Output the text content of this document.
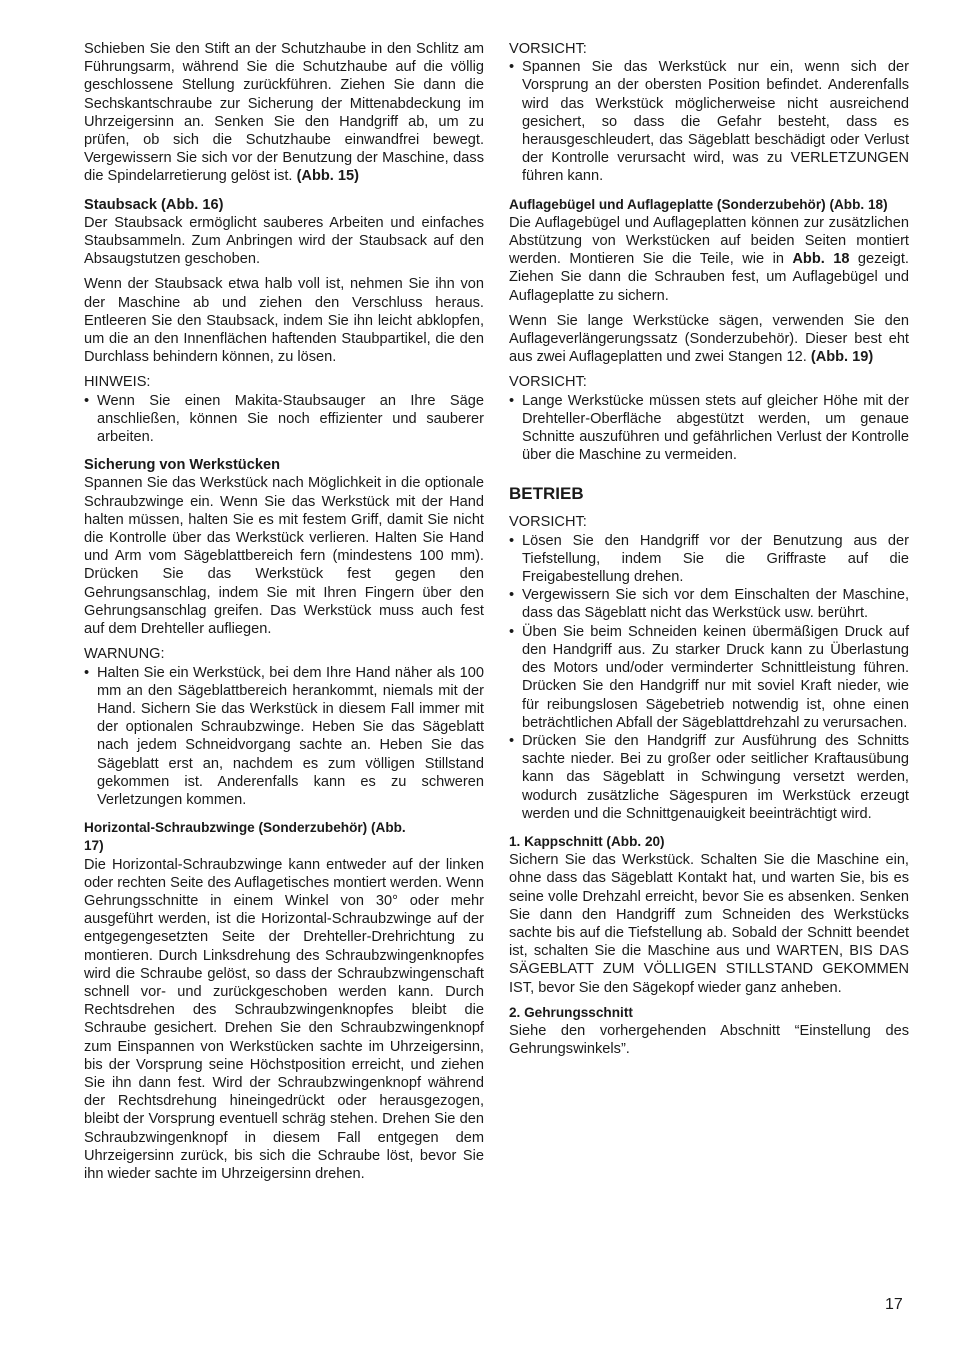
Schieben Sie den Stift an der Schutzhaube in den Schlitz am Führungsarm, während Sie die Schutzhaube auf die völlig geschlossene Stellung zurückführen. Ziehen Sie dann die Sechskantschraube zur Sicherung der Mittenabdeckung im Uhrzeigersinn an. Senken Sie den Handgriff ab, um zu prüfen, ob sich die Schutzhaube einwandfrei bewegt. Vergewissern Sie sich vor der Benutzung der Maschine, dass die Spindelarretierung gelöst ist. (Abb. 15)

Staubsack (Abb. 16)

Der Staubsack ermöglicht sauberes Arbeiten und einfaches Staubsammeln. Zum Anbringen wird der Staubsack auf den Absaugstutzen geschoben.

Wenn der Staubsack etwa halb voll ist, nehmen Sie ihn von der Maschine ab und ziehen den Verschluss heraus. Entleeren Sie den Staubsack, indem Sie ihn leicht abklopfen, um die an den Innenflächen haftenden Staubpartikel, die den Durchlass behindern können, zu lösen.

HINWEIS:

• Wenn Sie einen Makita-Staubsauger an Ihre Säge anschließen, können Sie noch effizienter und sauberer arbeiten.
Sicherung von Werkstücken

Spannen Sie das Werkstück nach Möglichkeit in die optionale Schraubzwinge ein. Wenn Sie das Werkstück mit der Hand halten müssen, halten Sie es mit festem Griff, damit Sie nicht die Kontrolle über das Werkstück verlieren. Halten Sie Hand und Arm vom Sägeblattbereich fern (mindestens 100 mm). Drücken Sie das Werkstück fest gegen den Gehrungsanschlag, indem Sie mit Ihren Fingern über den Gehrungsanschlag greifen. Das Werkstück muss auch fest auf dem Drehteller aufliegen.

WARNUNG:

• Halten Sie ein Werkstück, bei dem Ihre Hand näher als 100 mm an den Sägeblattbereich herankommt, niemals mit der Hand. Sichern Sie das Werkstück in diesem Fall immer mit der optionalen Schraubzwinge. Heben Sie das Sägeblatt nach jedem Schneidvorgang sachte an. Heben Sie das Sägeblatt erst an, nachdem es zum völligen Stillstand gekommen ist. Anderenfalls kann es zu schweren Verletzungen kommen.
Horizontal-Schraubzwinge (Sonderzubehör) (Abb. 17)

Die Horizontal-Schraubzwinge kann entweder auf der linken oder rechten Seite des Auflagetisches montiert werden. Wenn Gehrungsschnitte in einem Winkel von 30° oder mehr ausgeführt werden, ist die Horizontal-Schraubzwinge auf der entgegengesetzten Seite der Drehteller-Drehrichtung zu montieren. Durch Linksdrehung des Schraubzwingenknopfes wird die Schraube gelöst, so dass der Schraubzwingenschaft schnell vor- und zurückgeschoben werden kann. Durch Rechtsdrehen des Schraubzwingenknopfes bleibt die Schraube gesichert. Drehen Sie den Schraubzwingenknopf zum Einspannen von Werkstücken sachte im Uhrzeigersinn, bis der Vorsprung seine Höchstposition erreicht, und ziehen Sie ihn dann fest. Wird der Schraubzwingenknopf während der Rechtsdrehung hineingedrückt oder herausgezogen, bleibt der Vorsprung eventuell schräg stehen. Drehen Sie den Schraubzwingenknopf in diesem Fall entgegen dem Uhrzeigersinn zurück, bis sich die Schraube löst, bevor Sie ihn wieder sachte im Uhrzeigersinn drehen.

VORSICHT:

• Spannen Sie das Werkstück nur ein, wenn sich der Vorsprung an der obersten Position befindet. Anderenfalls wird das Werkstück möglicherweise nicht ausreichend gesichert, so dass die Gefahr besteht, dass es herausgeschleudert, das Sägeblatt beschädigt oder Verlust der Kontrolle verursacht wird, was zu VERLETZUNGEN führen kann.
Auflagebügel und Auflageplatte (Sonderzubehör) (Abb. 18)

Die Auflagebügel und Auflageplatten können zur zusätzlichen Abstützung von Werkstücken auf beiden Seiten montiert werden. Montieren Sie die Teile, wie in Abb. 18 gezeigt. Ziehen Sie dann die Schrauben fest, um Auflagebügel und Auflageplatte zu sichern.

Wenn Sie lange Werkstücke sägen, verwenden Sie den Auflageverlängerungssatz (Sonderzubehör). Dieser best eht aus zwei Auflageplatten und zwei Stangen 12. (Abb. 19)

VORSICHT:

• Lange Werkstücke müssen stets auf gleicher Höhe mit der Drehteller-Oberfläche abgestützt werden, um genaue Schnitte auszuführen und gefährlichen Verlust der Kontrolle über die Maschine zu vermeiden.
BETRIEB

VORSICHT:

• Lösen Sie den Handgriff vor der Benutzung aus der Tiefstellung, indem Sie die Griffraste auf die Freigabestellung drehen.
• Vergewissern Sie sich vor dem Einschalten der Maschine, dass das Sägeblatt nicht das Werkstück usw. berührt.
• Üben Sie beim Schneiden keinen übermäßigen Druck auf den Handgriff aus. Zu starker Druck kann zu Überlastung des Motors und/oder verminderter Schnittleistung führen. Drücken Sie den Handgriff nur mit soviel Kraft nieder, wie für reibungslosen Sägebetrieb notwendig ist, ohne einen beträchtlichen Abfall der Sägeblattdrehzahl zu verursachen.
• Drücken Sie den Handgriff zur Ausführung des Schnitts sachte nieder. Bei zu großer oder seitlicher Kraftausübung kann das Sägeblatt in Schwingung versetzt werden, wodurch zusätzliche Sägespuren im Werkstück erzeugt werden und die Schnittgenauigkeit beeinträchtigt wird.
1. Kappschnitt (Abb. 20)

Sichern Sie das Werkstück. Schalten Sie die Maschine ein, ohne dass das Sägeblatt Kontakt hat, und warten Sie, bis es seine volle Drehzahl erreicht, bevor Sie es absenken. Senken Sie dann den Handgriff zum Schneiden des Werkstücks sachte bis auf die Tiefstellung ab. Sobald der Schnitt beendet ist, schalten Sie die Maschine aus und WARTEN, BIS DAS SÄGEBLATT ZUM VÖLLIGEN STILLSTAND GEKOMMEN IST, bevor Sie den Sägekopf wieder ganz anheben.

2. Gehrungsschnitt

Siehe den vorhergehenden Abschnitt “Einstellung des Gehrungswinkels”.

17
